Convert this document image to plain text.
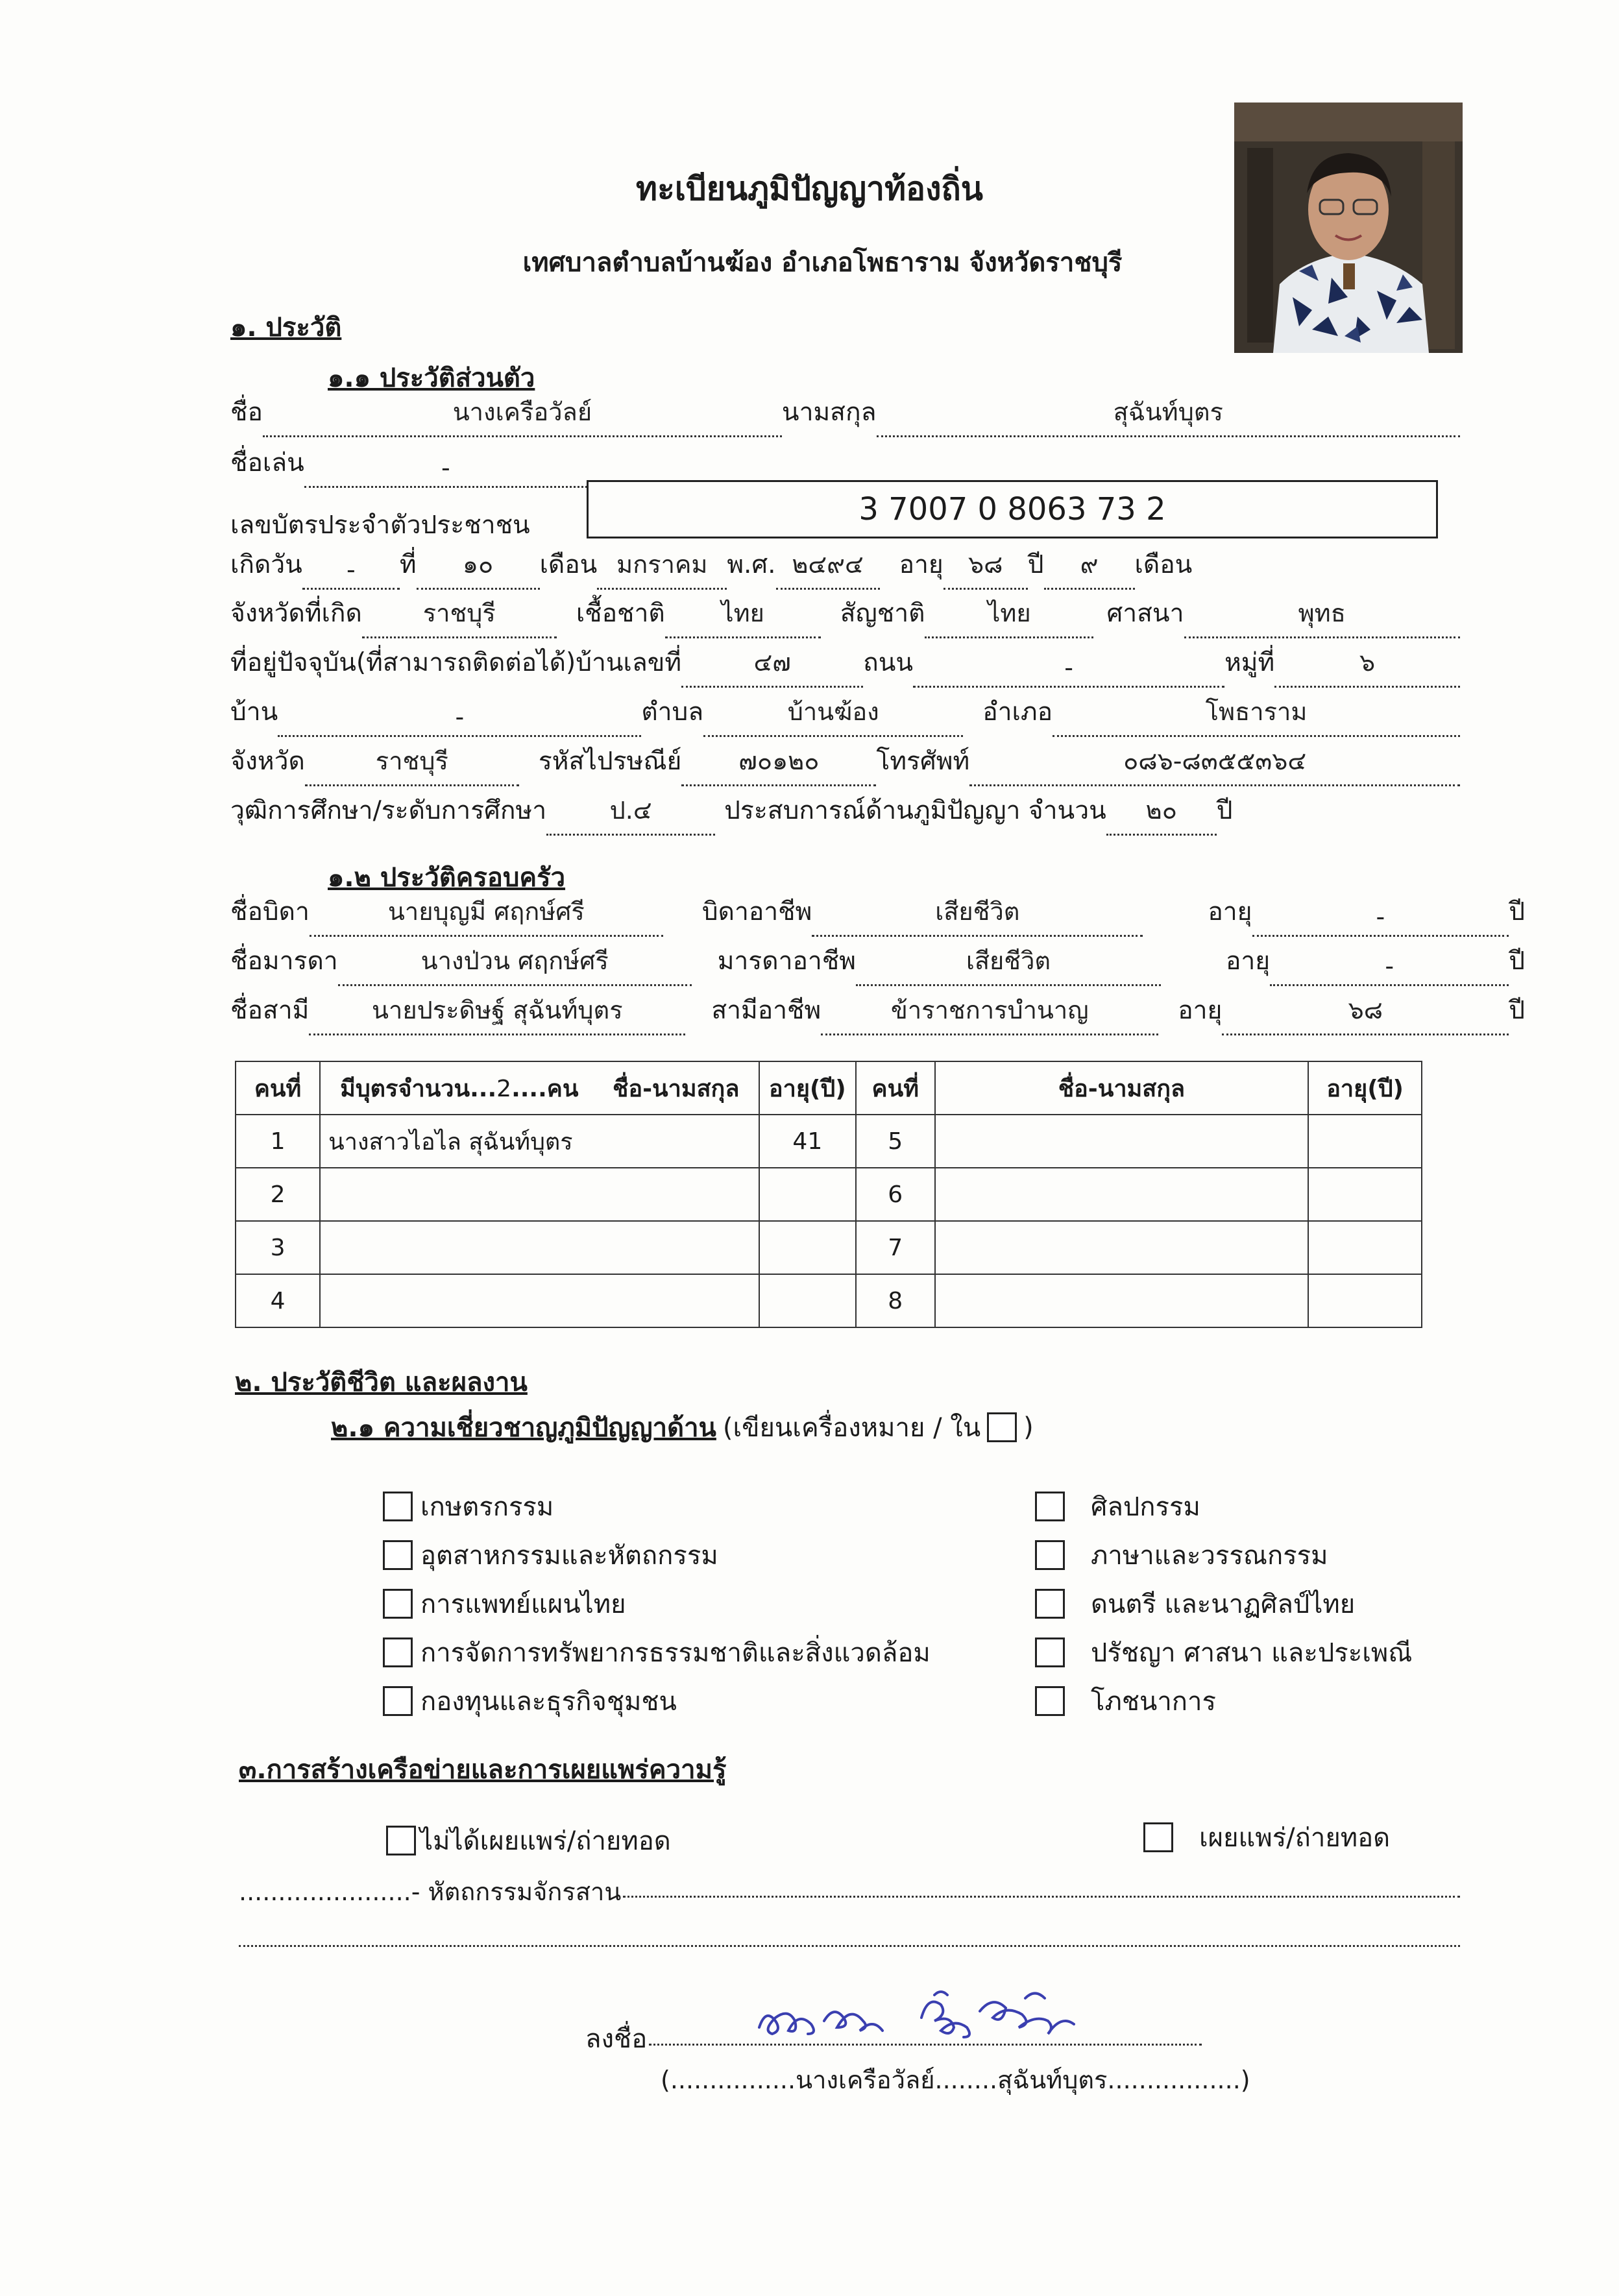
ทะเบียนภูมิปัญญาท้องถิ่น
เทศบาลตำบลบ้านฆ้อง อำเภอโพธาราม จังหวัดราชบุรี
๑. ประวัติ
๑.๑ ประวัติส่วนตัว
ชื่อ	นางเครือวัลย์	นามสกุล	สุฉันท์บุตร
ชื่อเล่น	-
เลขบัตรประจำตัวประชาชน	3 7007 0 8063 73 2
เกิดวัน	-	ที่	๑๐	เดือน มกราคม พ.ศ. ๒๔๙๔	อายุ	๖๘ ปี	๙	เดือน
จังหวัดที่เกิด	ราชบุรี	เชื้อชาติ	ไทย	สัญชาติ	ไทย	ศาสนา	พุทธ
ที่อยู่ปัจจุบัน(ที่สามารถติดต่อได้)บ้านเลขที่	๔๗	ถนน	-	หมู่ที่	๖
บ้าน	-	ตำบล	บ้านฆ้อง	อำเภอ	โพธาราม
จังหวัด	ราชบุรี	รหัสไปรษณีย์	๗๐๑๒๐	โทรศัพท์	๐๘๖-๘๓๕๕๓๖๔
วุฒิการศึกษา/ระดับการศึกษา	ป.๔	ประสบการณ์ด้านภูมิปัญญา จำนวน	๒๐	ปี
๑.๒ ประวัติครอบครัว
ชื่อบิดา	นายบุญมี ศฤกษ์ศรี	บิดาอาชีพ	เสียชีวิต	อายุ	-	ปี
ชื่อมารดา	นางป่วน ศฤกษ์ศรี	มารดาอาชีพ	เสียชีวิต	อายุ	-	ปี
ชื่อสามี	นายประดิษฐ์ สุฉันท์บุตร	สามีอาชีพ	ข้าราชการบำนาญ	อายุ	๖๘	ปี
คนที่	มีบุตรจำนวน...2....คน ชื่อ-นามสกุล	อายุ(ปี)	คนที่	ชื่อ-นามสกุล	อายุ(ปี)
1	นางสาวไอไล สุฉันท์บุตร	41	5		
2			6		
3			7		
4			8		
๒. ประวัติชีวิต และผลงาน
๒.๑ ความเชี่ยวชาญภูมิปัญญาด้าน (เขียนเครื่องหมาย / ใน )
เกษตรกรรม
อุตสาหกรรมและหัตถกรรม
การแพทย์แผนไทย
การจัดการทรัพยากรธรรมชาติและสิ่งแวดล้อม
กองทุนและธุรกิจชุมชน
ศิลปกรรม
ภาษาและวรรณกรรม
ดนตรี และนาฏศิลป์ไทย
ปรัชญา ศาสนา และประเพณี
โภชนาการ
๓.การสร้างเครือข่ายและการเผยแพร่ความรู้
ไม่ได้เผยแพร่/ถ่ายทอด	เผยแพร่/ถ่ายทอด
......................- หัตถกรรมจักรสาน
ลงชื่อ
(................นางเครือวัลย์........สุฉันท์บุตร.................)
